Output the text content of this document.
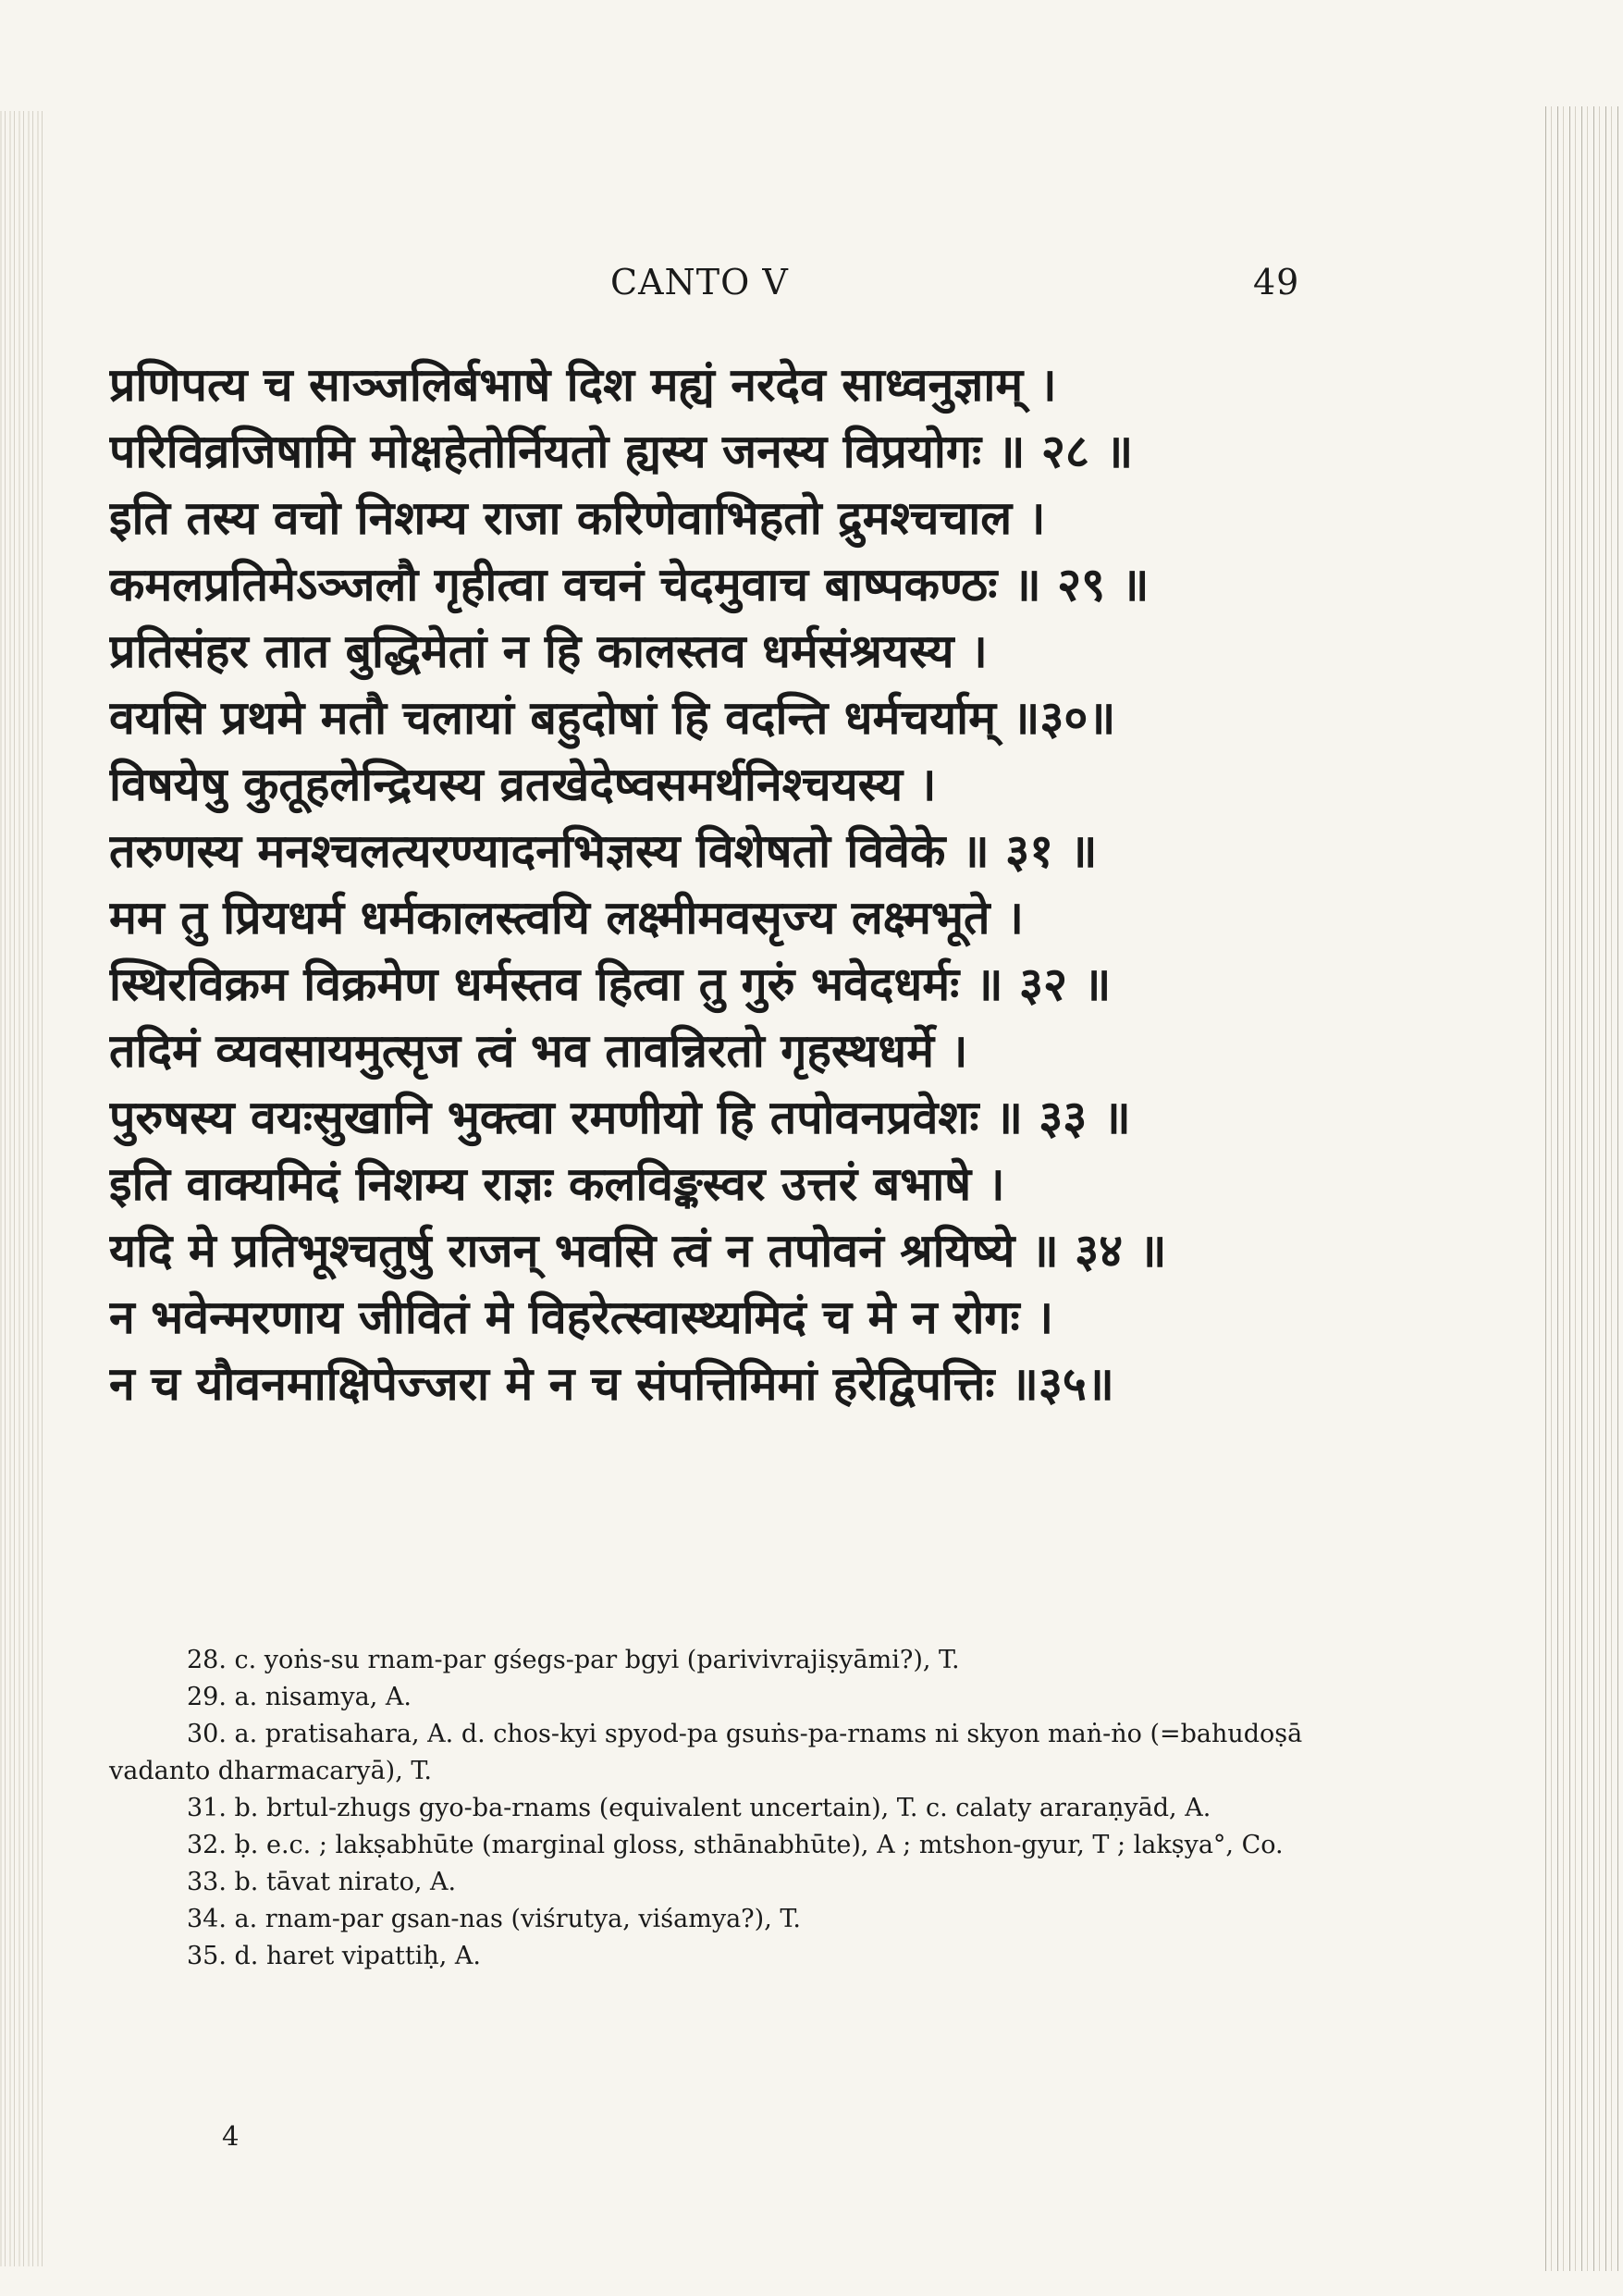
CANTO V	49
प्रणिपत्य च साञ्जलिर्बभाषे दिश मह्यं नरदेव साध्वनुज्ञाम् ।
परिविव्रजिषामि मोक्षहेतोर्नियतो ह्यस्य जनस्य विप्रयोगः ॥ २८ ॥
इति तस्य वचो निशम्य राजा करिणेवाभिहतो द्रुमश्चचाल ।
कमलप्रतिमेऽञ्जलौ गृहीत्वा वचनं चेदमुवाच बाष्पकण्ठः ॥ २९ ॥
प्रतिसंहर तात बुद्धिमेतां न हि कालस्तव धर्मसंश्रयस्य ।
वयसि प्रथमे मतौ चलायां बहुदोषां हि वदन्ति धर्मचर्याम् ॥३०॥
विषयेषु कुतूहलेन्द्रियस्य व्रतखेदेष्वसमर्थनिश्चयस्य ।
तरुणस्य मनश्चलत्यरण्यादनभिज्ञस्य विशेषतो विवेके ॥ ३१ ॥
मम तु प्रियधर्म धर्मकालस्त्वयि लक्ष्मीमवसृज्य लक्ष्मभूते ।
स्थिरविक्रम विक्रमेण धर्मस्तव हित्वा तु गुरुं भवेदधर्मः ॥ ३२ ॥
तदिमं व्यवसायमुत्सृज त्वं भव तावन्निरतो गृहस्थधर्मे ।
पुरुषस्य वयःसुखानि भुक्त्वा रमणीयो हि तपोवनप्रवेशः ॥ ३३ ॥
इति वाक्यमिदं निशम्य राज्ञः कलविङ्कस्वर उत्तरं बभाषे ।
यदि मे प्रतिभूश्चतुर्षु राजन् भवसि त्वं न तपोवनं श्रयिष्ये ॥ ३४ ॥
न भवेन्मरणाय जीवितं मे विहरेत्स्वास्थ्यमिदं च मे न रोगः ।
न च यौवनमाक्षिपेज्जरा मे न च संपत्तिमिमां हरेद्विपत्तिः ॥३५॥
28. c. yoṅs-su rnam-par gśegs-par bgyi (parivivrajiṣyāmi?), T.
29. a. nisamya, A.
30. a. pratisahara, A. d. chos-kyi spyod-pa gsuṅs-pa-rnams ni skyon maṅ-ṅo (=bahudoṣā vadanto dharmacaryā), T.
31. b. brtul-zhugs gyo-ba-rnams (equivalent uncertain), T. c. calaty araraṇyād, A.
32. ḅ. e.c. ; lakṣabhūte (marginal gloss, sthānabhūte), A ; mtshon-gyur, T ; lakṣya°, Co.
33. b. tāvat nirato, A.
34. a. rnam-par gsan-nas (viśrutya, viśamya?), T.
35. d. haret vipattiḥ, A.
4
